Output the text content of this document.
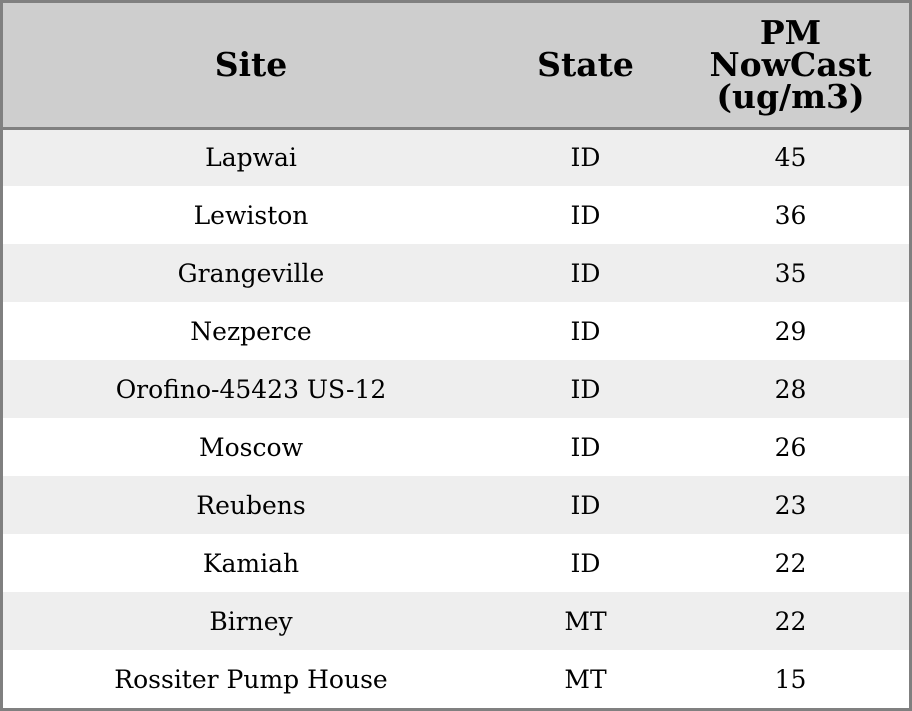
Site	State	PM
NowCast
(ug/m3)
Lapwai	ID	45
Lewiston	ID	36
Grangeville	ID	35
Nezperce	ID	29
Orofino-45423 US-12	ID	28
Moscow	ID	26
Reubens	ID	23
Kamiah	ID	22
Birney	MT	22
Rossiter Pump House	MT	15
